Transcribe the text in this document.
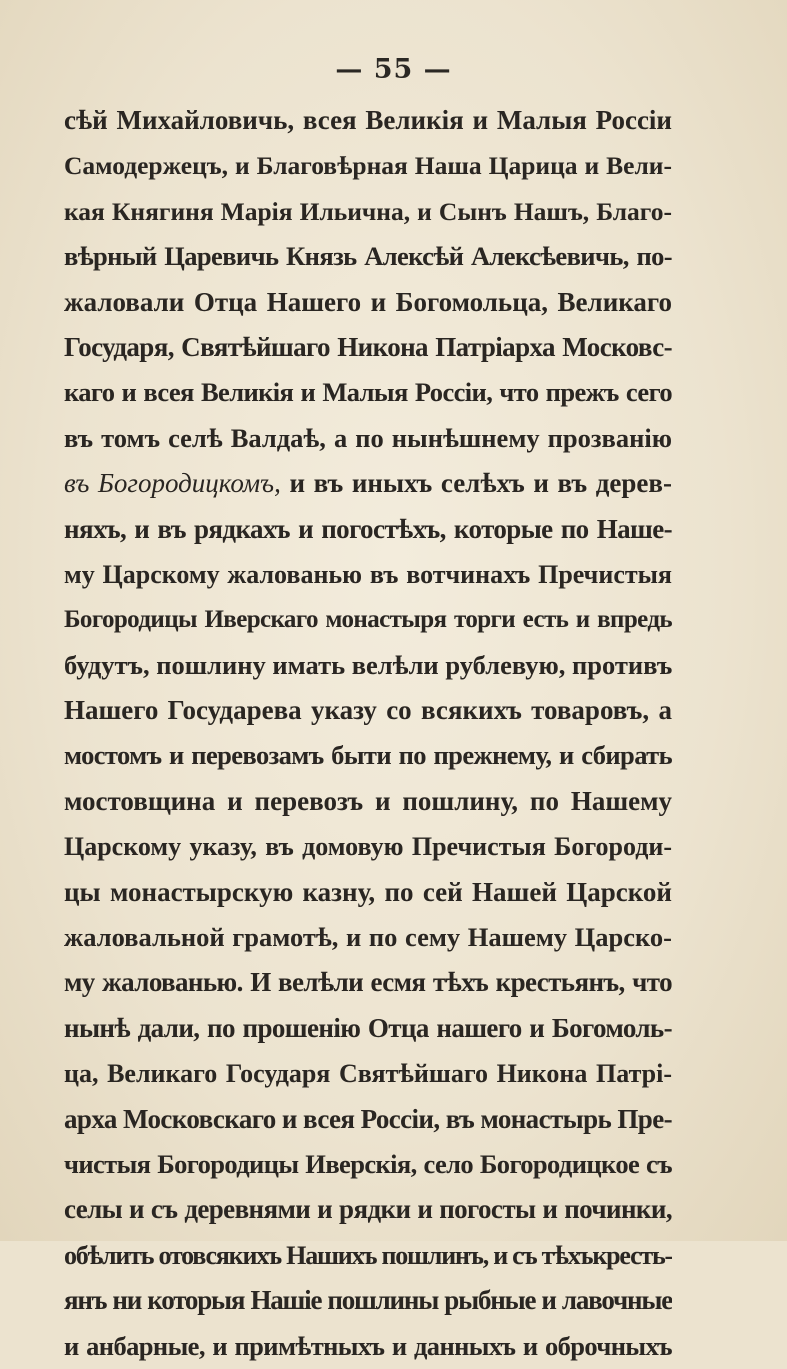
— 55 —
сѣй Михайловичь, всея Великія и Малыя Россіи
Самодержецъ, и Благовѣрная Наша Царица и Вели-
кая Княгиня Марія Ильична, и Сынъ Нашъ, Благо-
вѣрный Царевичь Князь Алексѣй Алексѣевичь, по-
жаловали Отца Нашего и Богомольца, Великаго
Государя, Святѣйшаго Никона Патріарха Московс-
каго и всея Великія и Малыя Россіи, что прежъ сего
въ томъ селѣ Валдаѣ, а по нынѣшнему прозванію
въ Богородицкомъ, и въ иныхъ селѣхъ и въ дерев-
няхъ, и въ рядкахъ и погостѣхъ, которые по Наше-
му Царскому жалованью въ вотчинахъ Пречистыя
Богородицы Иверскаго монастыря торги есть и впредь
будутъ, пошлину имать велѣли рублевую, противъ
Нашего Государева указу со всякихъ товаровъ, а
мостомъ и перевозамъ быти по прежнему, и сбирать
мостовщина и перевозъ и пошлину, по Нашему
Царскому указу, въ домовую Пречистыя Богороди-
цы монастырскую казну, по сей Нашей Царской
жаловальной грамотѣ, и по сему Нашему Царско-
му жалованью. И велѣли есмя тѣхъ крестьянъ, что
нынѣ дали, по прошенію Отца нашего и Богомоль-
ца, Великаго Государя Святѣйшаго Никона Патрі-
арха Московскаго и всея Россіи, въ монастырь Пре-
чистыя Богородицы Иверскія, село Богородицкое съ
селы и съ деревнями и рядки и погосты и починки,
обѣлить отовсякихъ Нашихъ пошлинъ, и съ тѣхъкресть-
янъ ни которыя Нашіе пошлины рыбные и лавочные
и анбарные, и примѣтныхъ и данныхъ и оброчныхъ
